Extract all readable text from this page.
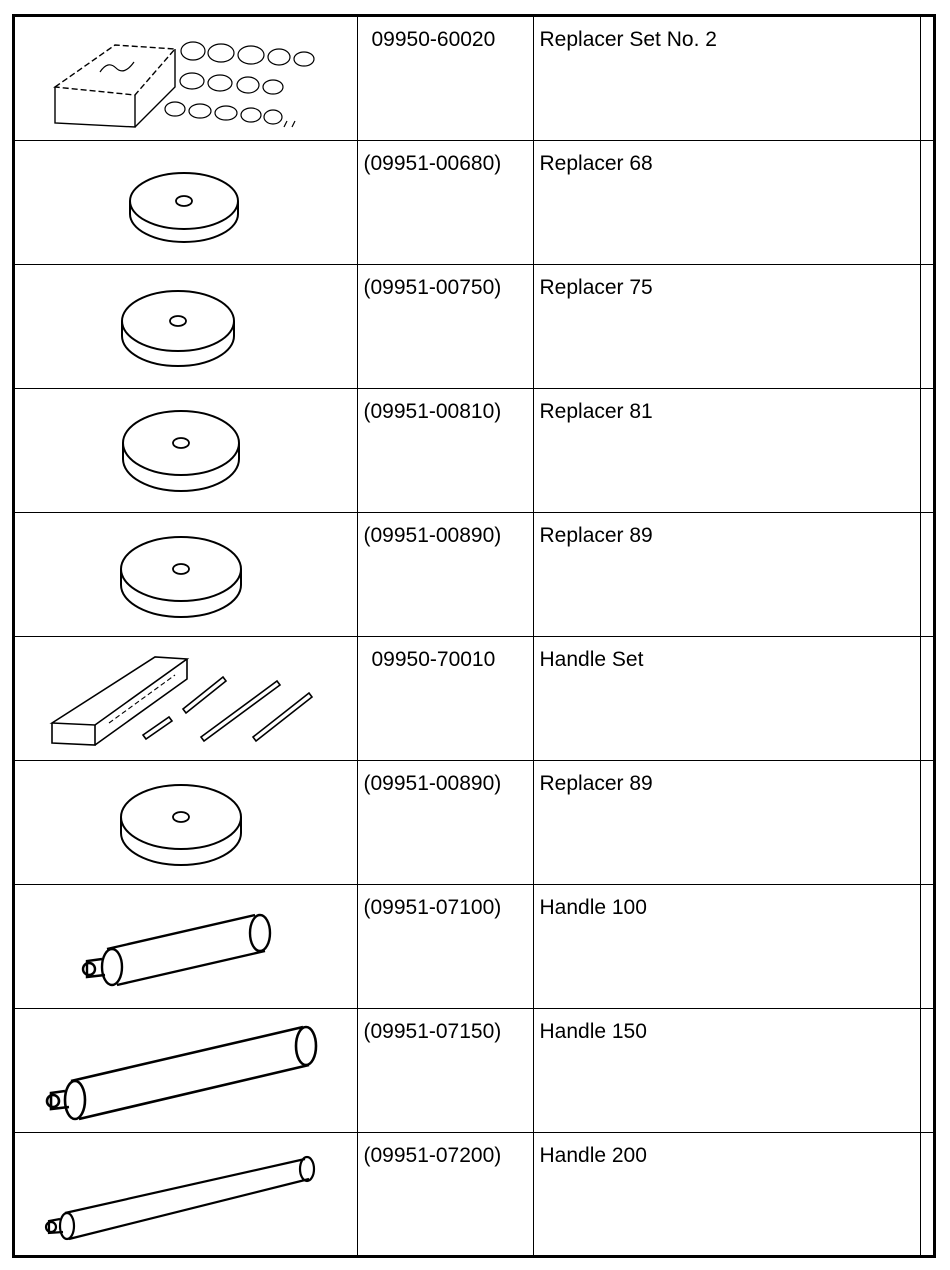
09950-60020	Replacer Set No. 2	

(09951-00680)	Replacer 68	

(09951-00750)	Replacer 75	

(09951-00810)	Replacer 81	

(09951-00890)	Replacer 89	

09950-70010	Handle Set	

(09951-00890)	Replacer 89	

(09951-07100)	Handle 100	

(09951-07150)	Handle 150	

(09951-07200)	Handle 200	
